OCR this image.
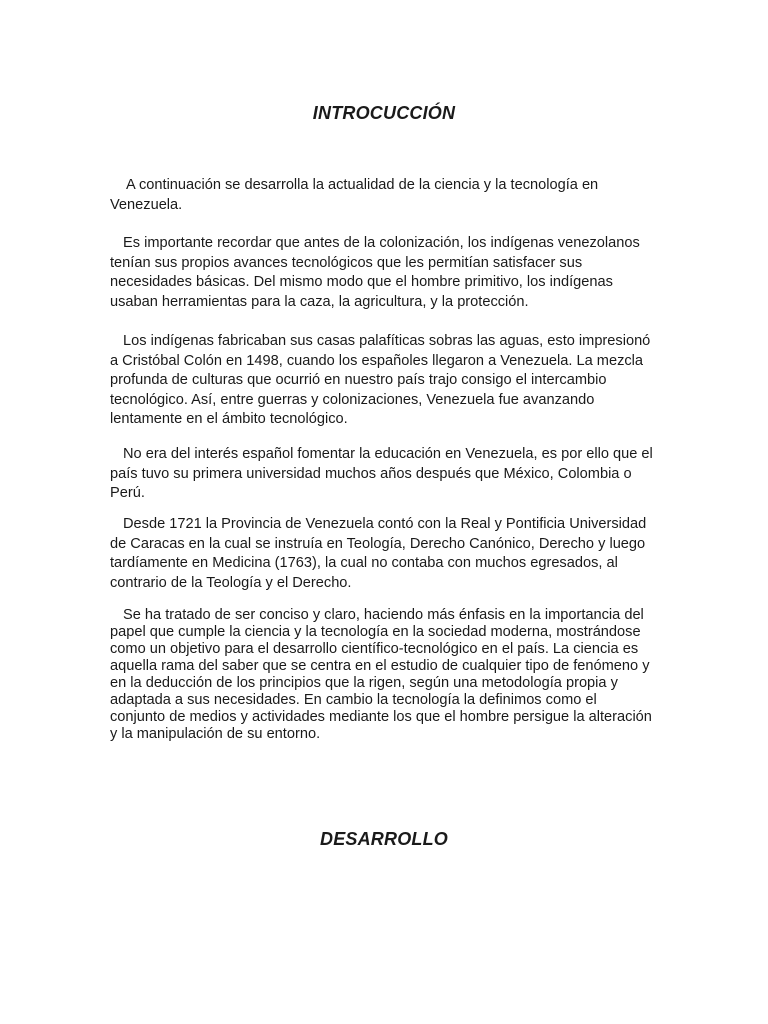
INTROCUCCIÓN

A continuación se desarrolla la actualidad de la ciencia y la tecnología en Venezuela.

Es importante recordar que antes de la colonización, los indígenas venezolanos tenían sus propios avances tecnológicos que les permitían satisfacer sus necesidades básicas. Del mismo modo que el hombre primitivo, los indígenas usaban herramientas para la caza, la agricultura, y la protección.

Los indígenas fabricaban sus casas palafíticas sobras las aguas, esto impresionó a Cristóbal Colón en 1498, cuando los españoles llegaron a Venezuela. La mezcla profunda de culturas que ocurrió en nuestro país trajo consigo el intercambio tecnológico. Así, entre guerras y colonizaciones, Venezuela fue avanzando lentamente en el ámbito tecnológico.

No era del interés español fomentar la educación en Venezuela, es por ello que el país tuvo su primera universidad muchos años después que México, Colombia o Perú.

Desde 1721 la Provincia de Venezuela contó con la Real y Pontificia Universidad de Caracas en la cual se instruía en Teología, Derecho Canónico, Derecho y luego tardíamente en Medicina (1763), la cual no contaba con muchos egresados, al contrario de la Teología y el Derecho.

Se ha tratado de ser conciso y claro, haciendo más énfasis en la importancia del papel que cumple la ciencia y la tecnología en la sociedad moderna, mostrándose como un objetivo para el desarrollo científico-tecnológico en el país. La ciencia es aquella rama del saber que se centra en el estudio de cualquier tipo de fenómeno y en la deducción de los principios que la rigen, según una metodología propia y adaptada a sus necesidades. En cambio la tecnología la definimos como el conjunto de medios y actividades mediante los que el hombre persigue la alteración y la manipulación de su entorno.

DESARROLLO
